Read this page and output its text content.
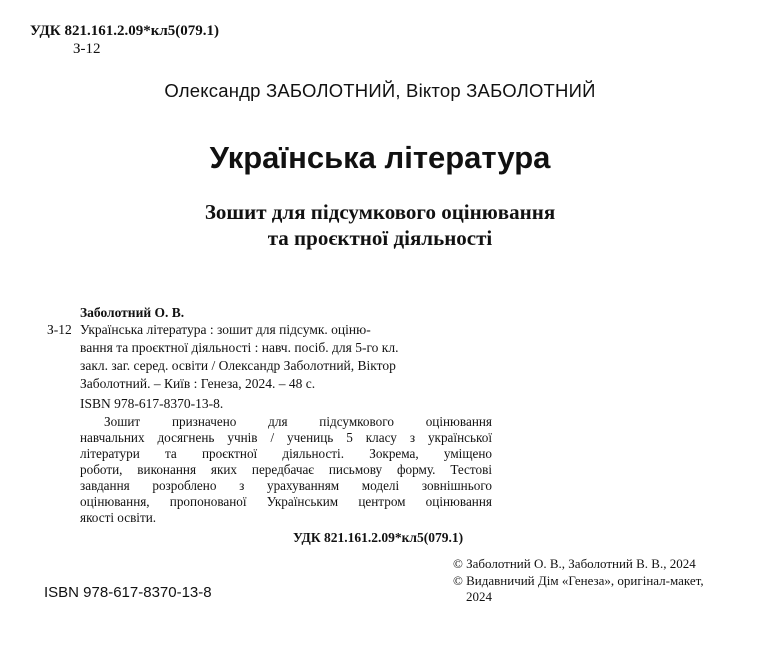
УДК 821.161.2.09*кл5(079.1)
З-12
Олександр ЗАБОЛОТНИЙ, Віктор ЗАБОЛОТНИЙ
Українська література
Зошит для підсумкового оцінювання
та проєктної діяльності
Заболотний О. В.
З-12 Українська література : зошит для підсумк. оціню-
вання та проєктної діяльності : навч. посіб. для 5-го кл.
закл. заг. серед. освіти / Олександр Заболотний, Віктор
Заболотний. – Київ : Генеза, 2024. – 48 с.
ISBN 978-617-8370-13-8.
Зошит призначено для підсумкового оцінювання
навчальних досягнень учнів / учениць 5 класу з української
літератури та проєктної діяльності. Зокрема, уміщено
роботи, виконання яких передбачає письмову форму. Тестові
завдання розроблено з урахуванням моделі зовнішнього
оцінювання, пропонованої Українським центром оцінювання
якості освіти.
УДК 821.161.2.09*кл5(079.1)
ISBN 978-617-8370-13-8
© Заболотний О. В., Заболотний В. В., 2024
© Видавничий Дім «Генеза», оригінал-макет,
2024
